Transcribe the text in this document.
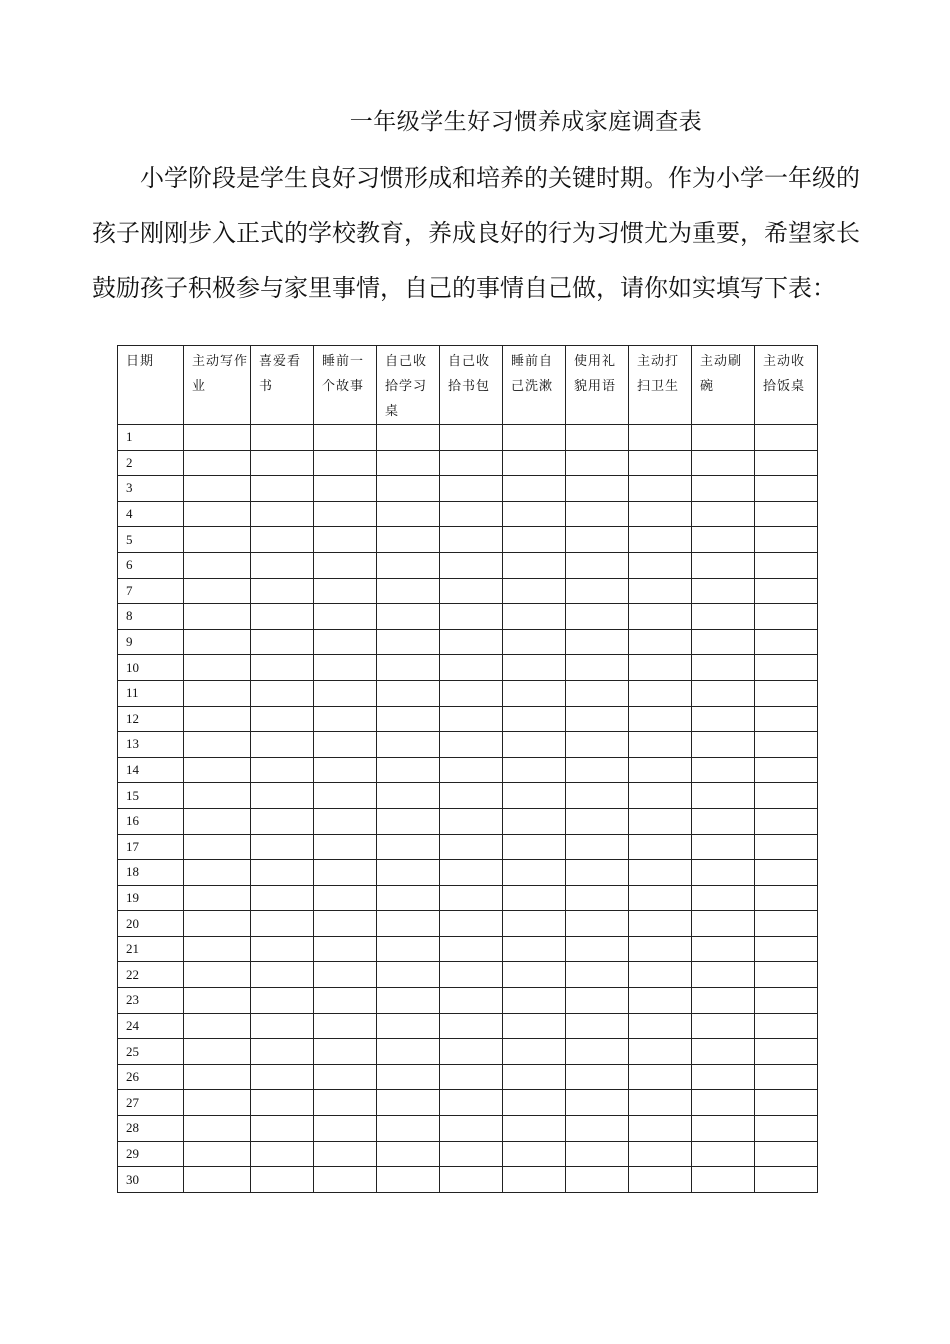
一年级学生好习惯养成家庭调查表

小学阶段是学生良好习惯形成和培养的关键时期。作为小学一年级的孩子刚刚步入正式的学校教育，养成良好的行为习惯尤为重要，希望家长鼓励孩子积极参与家里事情，自己的事情自己做，请你如实填写下表：

日期	主动写作业	喜爱看书	睡前一个故事	自己收拾学习桌	自己收拾书包	睡前自己洗漱	使用礼貌用语	主动打扫卫生	主动刷碗	主动收拾饭桌
1										
2										
3										
4										
5										
6										
7										
8										
9										
10										
11										
12										
13										
14										
15										
16										
17										
18										
19										
20										
21										
22										
23										
24										
25										
26										
27										
28										
29										
30										
